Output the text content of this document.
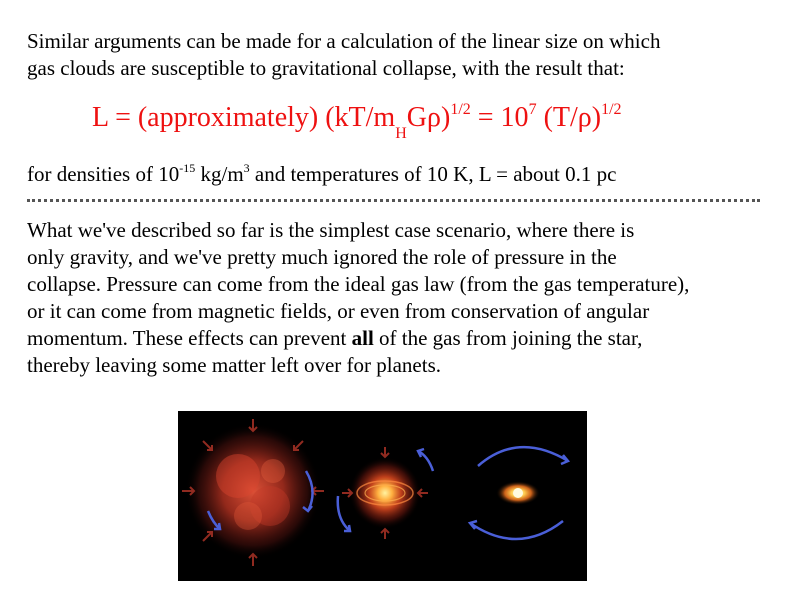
Similar arguments can be made for a calculation of the linear size on which
gas clouds are susceptible to gravitational collapse, with the result that:

L = (approximately) $(kT/m_HG\rho)^{1/2} = 10^7$ $(T/\rho)^{1/2}$
for densities of $10^{-15}$ $kg/m^3$ and temperatures of 10 K, L = about 0.1 pc

What we've described so far is the simplest case scenario, where there is
only gravity, and we've pretty much ignored the role of pressure in the
collapse. Pressure can come from the ideal gas law (from the gas temperature),
or it can come from magnetic fields, or even from conservation of angular
momentum. These effects can prevent all of the gas from joining the star,
thereby leaving some matter left over for planets.
